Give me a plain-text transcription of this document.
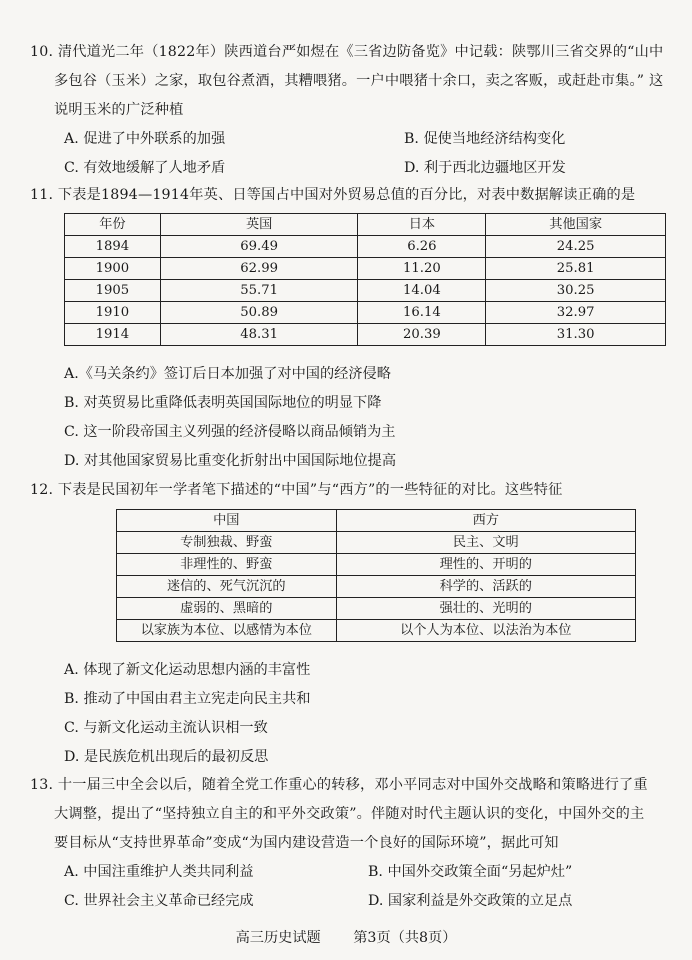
10. 清代道光二年（1822年）陕西道台严如煜在《三省边防备览》中记载：陕鄂川三省交界的“山中
多包谷（玉米）之家，取包谷煮酒，其糟喂猪。一户中喂猪十余口，卖之客贩，或赶赴市集。” 这
说明玉米的广泛种植
A. 促进了中外联系的加强	B. 促使当地经济结构变化
C. 有效地缓解了人地矛盾	D. 利于西北边疆地区开发
11. 下表是1894—1914年英、日等国占中国对外贸易总值的百分比，对表中数据解读正确的是
年份	英国	日本	其他国家
1894	69.49	6.26	24.25
1900	62.99	11.20	25.81
1905	55.71	14.04	30.25
1910	50.89	16.14	32.97
1914	48.31	20.39	31.30
A.《马关条约》签订后日本加强了对中国的经济侵略
B. 对英贸易比重降低表明英国国际地位的明显下降
C. 这一阶段帝国主义列强的经济侵略以商品倾销为主
D. 对其他国家贸易比重变化折射出中国国际地位提高
12. 下表是民国初年一学者笔下描述的“中国”与“西方”的一些特征的对比。这些特征
中国	西方
专制独裁、野蛮	民主、文明
非理性的、野蛮	理性的、开明的
迷信的、死气沉沉的	科学的、活跃的
虚弱的、黑暗的	强壮的、光明的
以家族为本位、以感情为本位	以个人为本位、以法治为本位
A. 体现了新文化运动思想内涵的丰富性
B. 推动了中国由君主立宪走向民主共和
C. 与新文化运动主流认识相一致
D. 是民族危机出现后的最初反思
13. 十一届三中全会以后，随着全党工作重心的转移，邓小平同志对中国外交战略和策略进行了重
大调整，提出了“坚持独立自主的和平外交政策”。伴随对时代主题认识的变化，中国外交的主
要目标从“支持世界革命”变成“为国内建设营造一个良好的国际环境”，据此可知
A. 中国注重维护人类共同利益	B. 中国外交政策全面“另起炉灶”
C. 世界社会主义革命已经完成	D. 国家利益是外交政策的立足点
高三历史试题 第3页（共8页）
